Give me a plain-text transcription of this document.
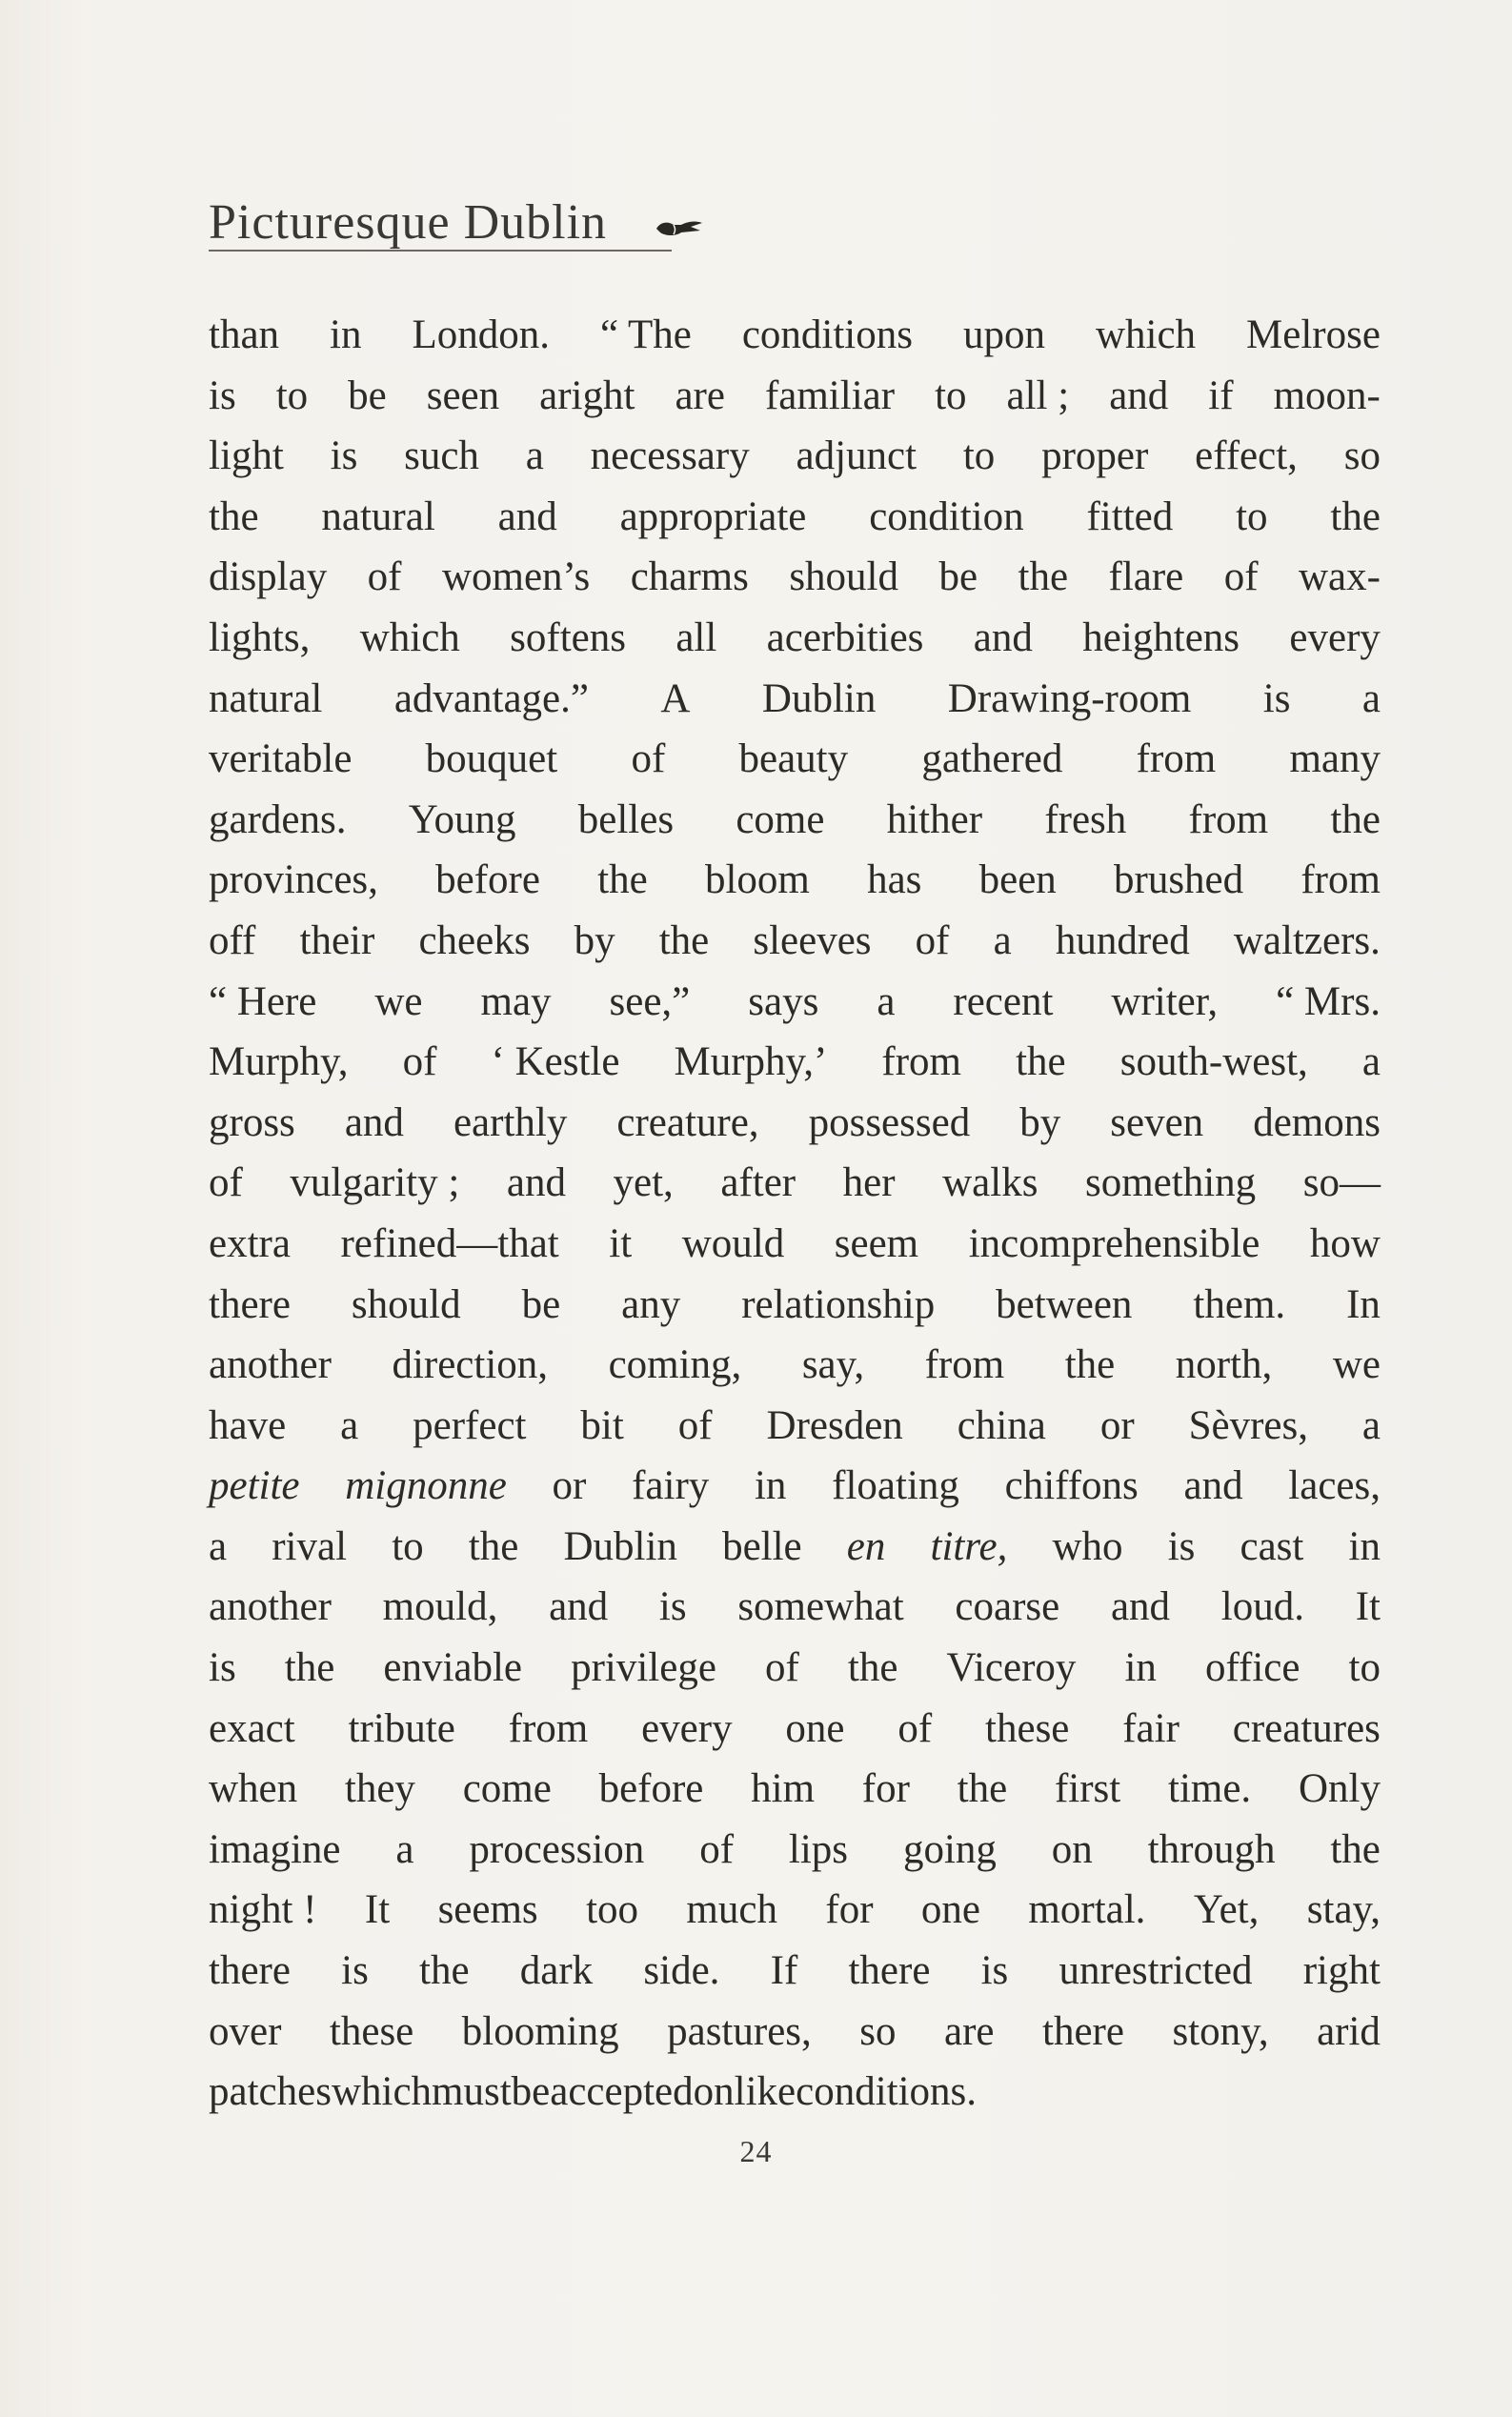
Picturesque Dublin
than in London. “ The conditions upon which Melrose
is to be seen aright are familiar to all ; and if moon-
light is such a necessary adjunct to proper effect, so
the natural and appropriate condition fitted to the
display of women’s charms should be the flare of wax-
lights, which softens all acerbities and heightens every
natural advantage.” A Dublin Drawing-room is a
veritable bouquet of beauty gathered from many
gardens. Young belles come hither fresh from the
provinces, before the bloom has been brushed from
off their cheeks by the sleeves of a hundred waltzers.
“ Here we may see,” says a recent writer, “ Mrs.
Murphy, of ‘ Kestle Murphy,’ from the south-west, a
gross and earthly creature, possessed by seven demons
of vulgarity ; and yet, after her walks something so—
extra refined—that it would seem incomprehensible how
there should be any relationship between them. In
another direction, coming, say, from the north, we
have a perfect bit of Dresden china or Sèvres, a
petite mignonne or fairy in floating chiffons and laces,
a rival to the Dublin belle en titre, who is cast in
another mould, and is somewhat coarse and loud. It
is the enviable privilege of the Viceroy in office to
exact tribute from every one of these fair creatures
when they come before him for the first time. Only
imagine a procession of lips going on through the
night ! It seems too much for one mortal. Yet, stay,
there is the dark side. If there is unrestricted right
over these blooming pastures, so are there stony, arid
patches which must be accepted on like conditions.
24
